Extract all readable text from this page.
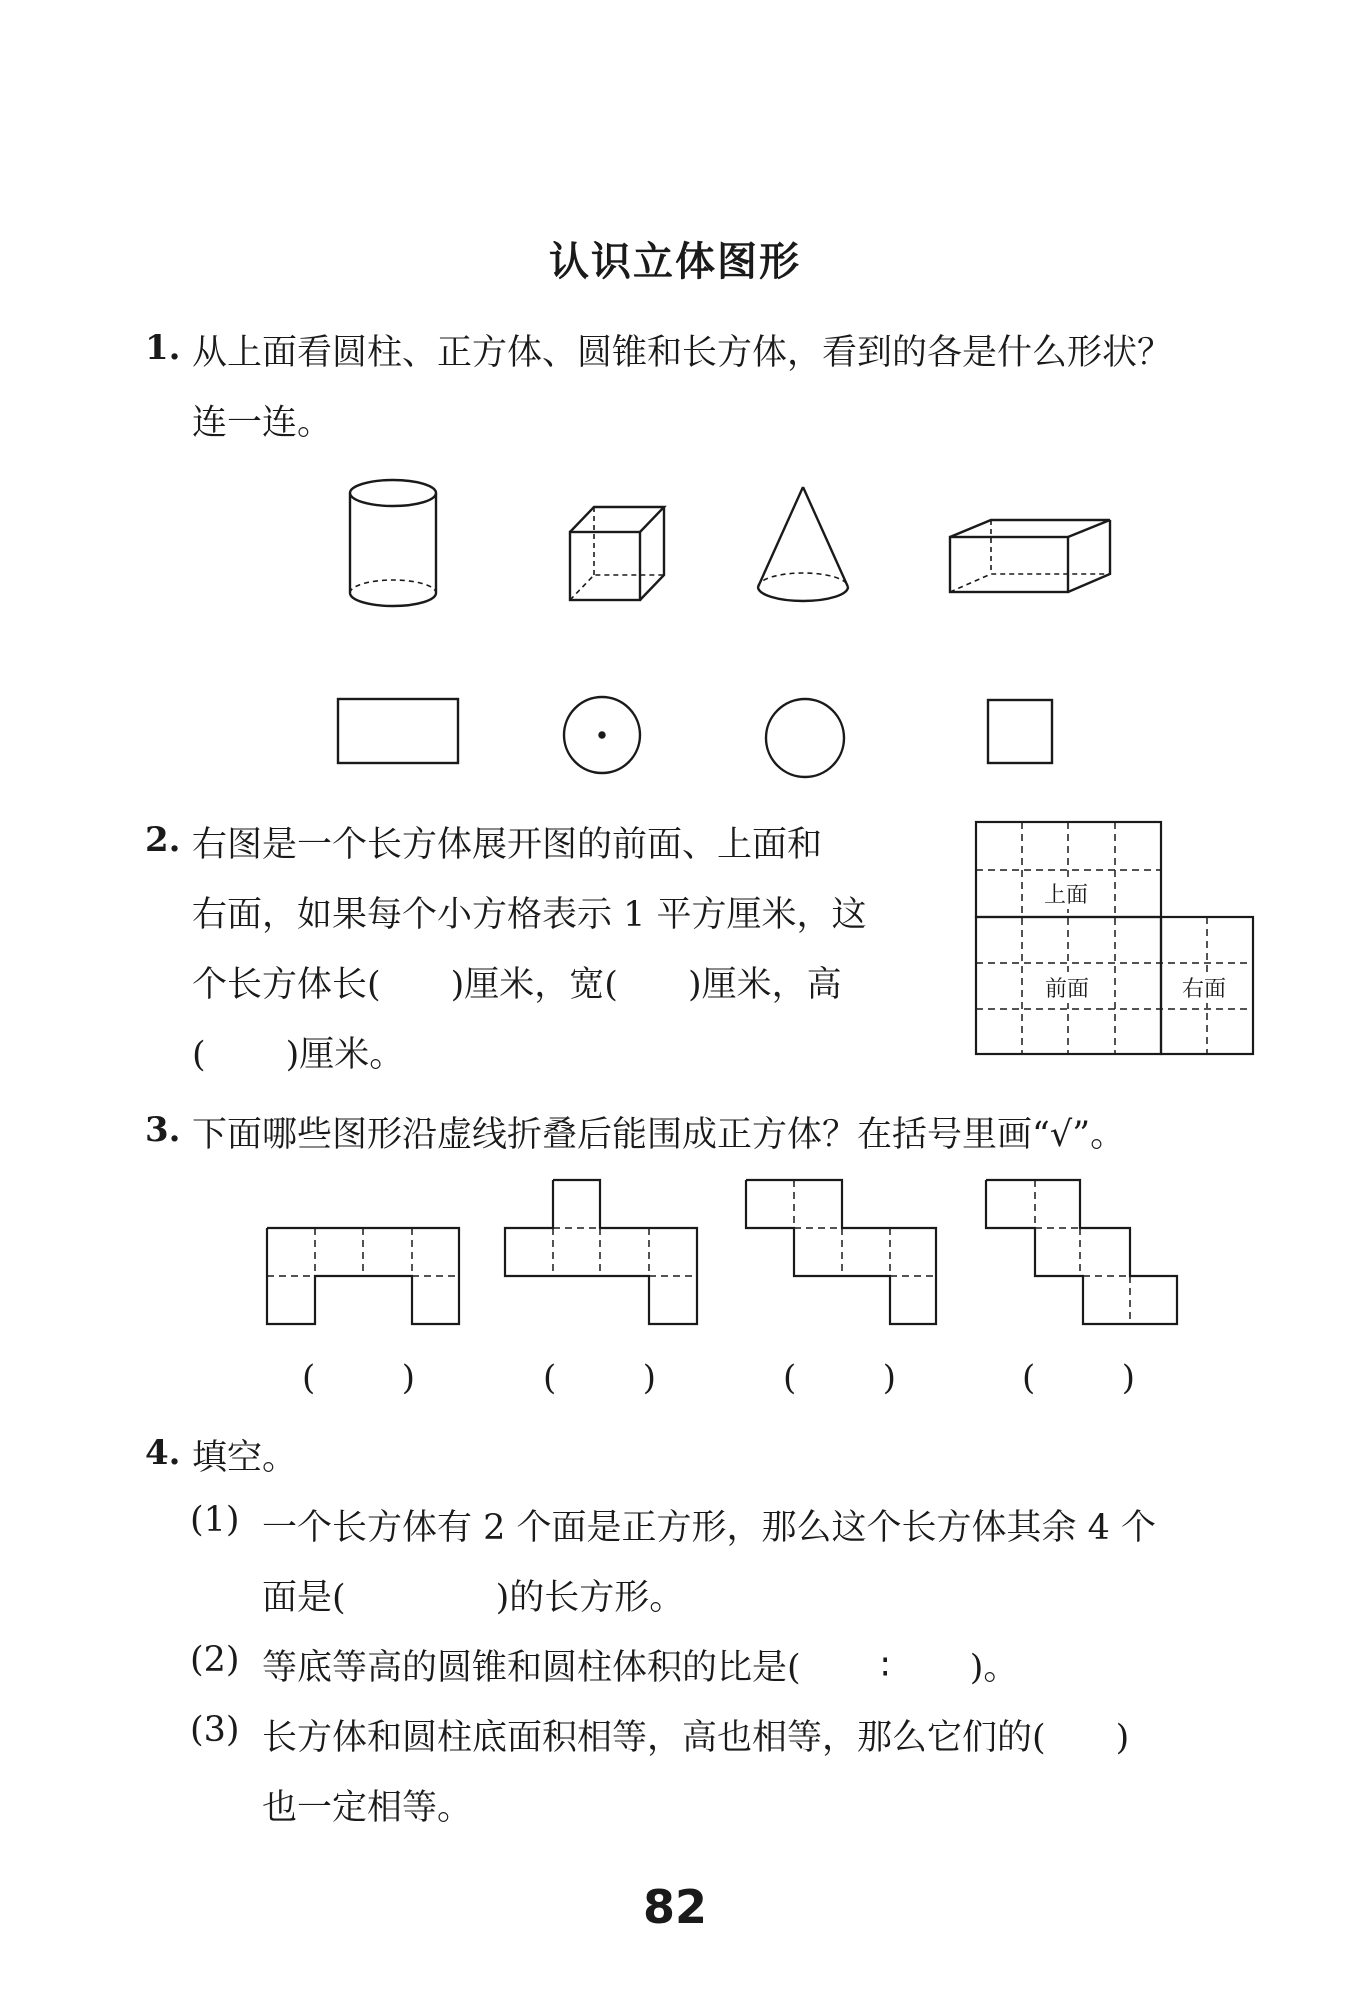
认识立体图形
1. 从上面看圆柱、正方体、圆锥和长方体，看到的各是什么形状？
连一连。
2. 右图是一个长方体展开图的前面、上面和
右面，如果每个小方格表示 1 平方厘米，这
个长方体长( )厘米，宽( )厘米，高
( )厘米。
上面
前面	右面
3. 下面哪些图形沿虚线折叠后能围成正方体？在括号里画“√”。
(        )	(        )	(        )	(        )
4. 填空。
(1) 一个长方体有 2 个面是正方形，那么这个长方体其余 4 个
面是(	)的长方形。
(2) 等底等高的圆锥和圆柱体积的比是( ∶ )。
(3) 长方体和圆柱底面积相等，高也相等，那么它们的( )
也一定相等。
82
